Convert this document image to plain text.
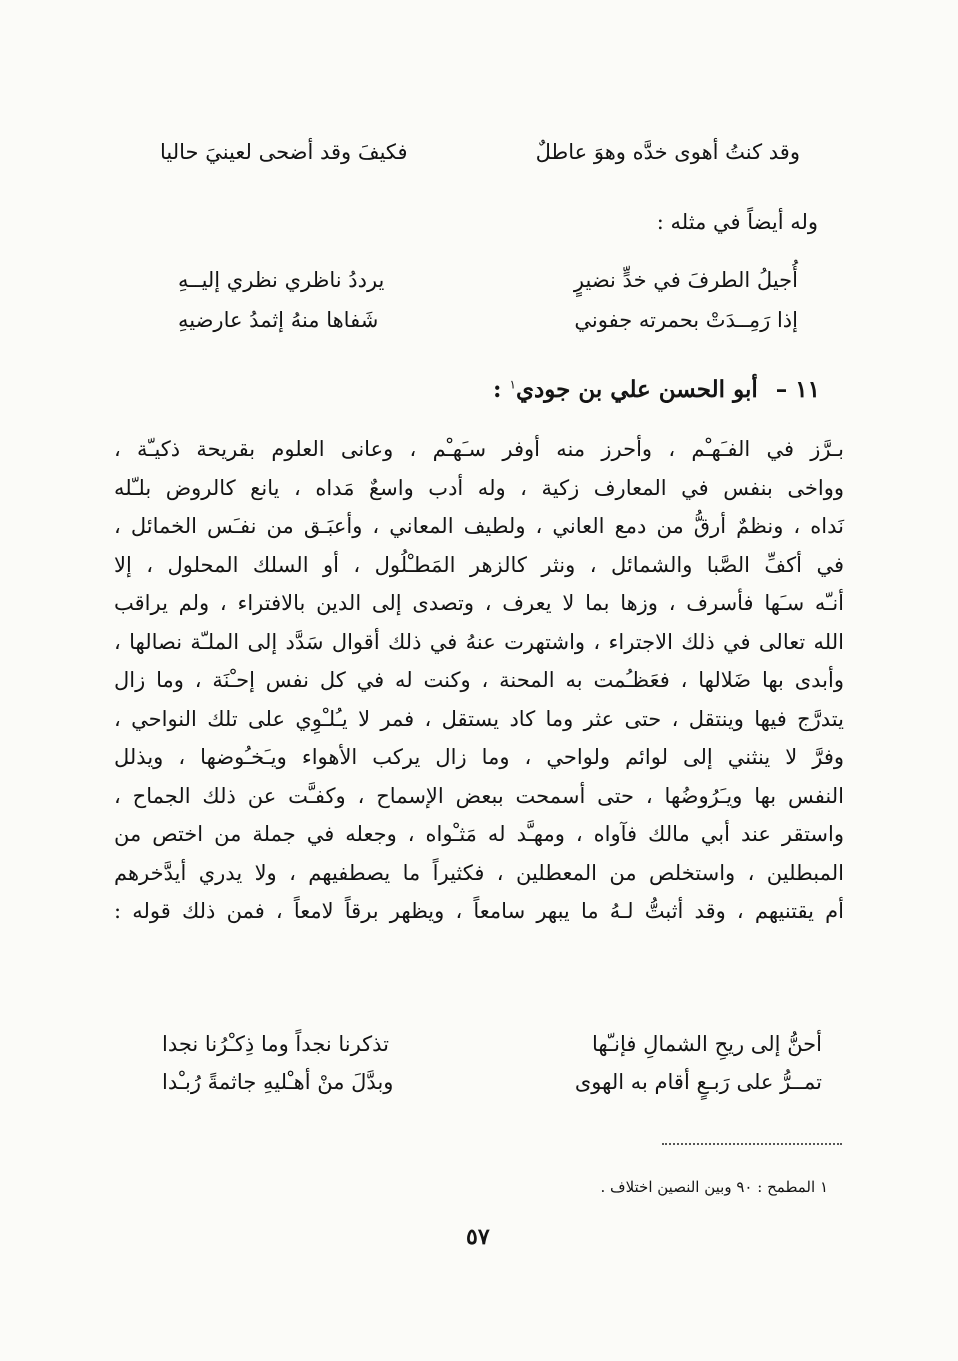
وقد كنتُ أهوى خدَّه وهوَ عاطلٌ
فكيفَ وقد أضحى لعينيَ حاليا
وله أيضاً في مثله :
أُجيلُ الطرفَ في خدٍّ نضيرٍ
يرددُ ناظري نظري إليــهِ
إذا رَمِــدَتْ بحمرته جفوني
شَفاها منهُ إثمدُ عارضيهِ
١١ – أبو الحسن علي بن جودي$^١$ :
بـرَّز في الفـَهـْم ، وأحرز منه أوفر سـَهـْم ، وعانى العلوم بقريحة ذكيـّة ،
وواخى بنفس في المعارف زكية ، وله أدب واسعٌ مَداه ، يانع كالروض بلـّله
نَداه ، ونظمٌ أرقُّ من دمع العاني ، ولطيف المعاني ، وأعبَـق من نفـَس الخمائل ،
في أكفِّ الصَّبا والشمائل ، ونثر كالزهر المَطـْلُول ، أو السلك المحلول ، إلا
أنـّه سـَها فأسرف ، وزها بما لا يعرف ، وتصدى إلى الدين بالافتراء ، ولم يراقب
الله تعالى في ذلك الاجتراء ، واشتهرت عنهُ في ذلك أقوال سَدَّد إلى الملـّة نصالها ،
وأبدى بها ضَلالها ، فعَظـُمت به المحنة ، وكنت له في كل نفس إحـْنَة ، وما زال
يتدرَّج فيها وينتقل ، حتى عثر وما كاد يستقل ، فمر لا يـُلـْوِي على تلك النواحي ،
وفرَّ لا ينثني إلى لوائم ولواحي ، وما زال يركب الأهواء ويـَخـُوضها ، ويذلل
النفس بها ويـَرُوضُها ، حتى أسمحت ببعض الإسماح ، وكفـَّت عن ذلك الجماح ،
واستقر عند أبي مالك فآواه ، ومهـَّد له مَثـْواه ، وجعله في جملة من اختص من
المبطلين ، واستخلص من المعطلين ، فكثيراً ما يصطفيهم ، ولا يدري أيدَّخرهم
أم يقتنيهم ، وقد أثبتُّ لـهُ ما يبهر سامعاً ، ويظهر برقاً لامعاً ، فمن ذلك قوله :
أحنُّ إلى ريحِ الشمالِ فإنـّها
تذكرنا نجداً وما ذِكـْرُنا نجدا
تمــرُّ على رَبـعٍ أقام به الهوى
وبدَّلَ منْ أهـْليهِ جاثمةً رُبـْدا
١ المطمح : ٩٠ وبين النصين اختلاف .
٥٧
